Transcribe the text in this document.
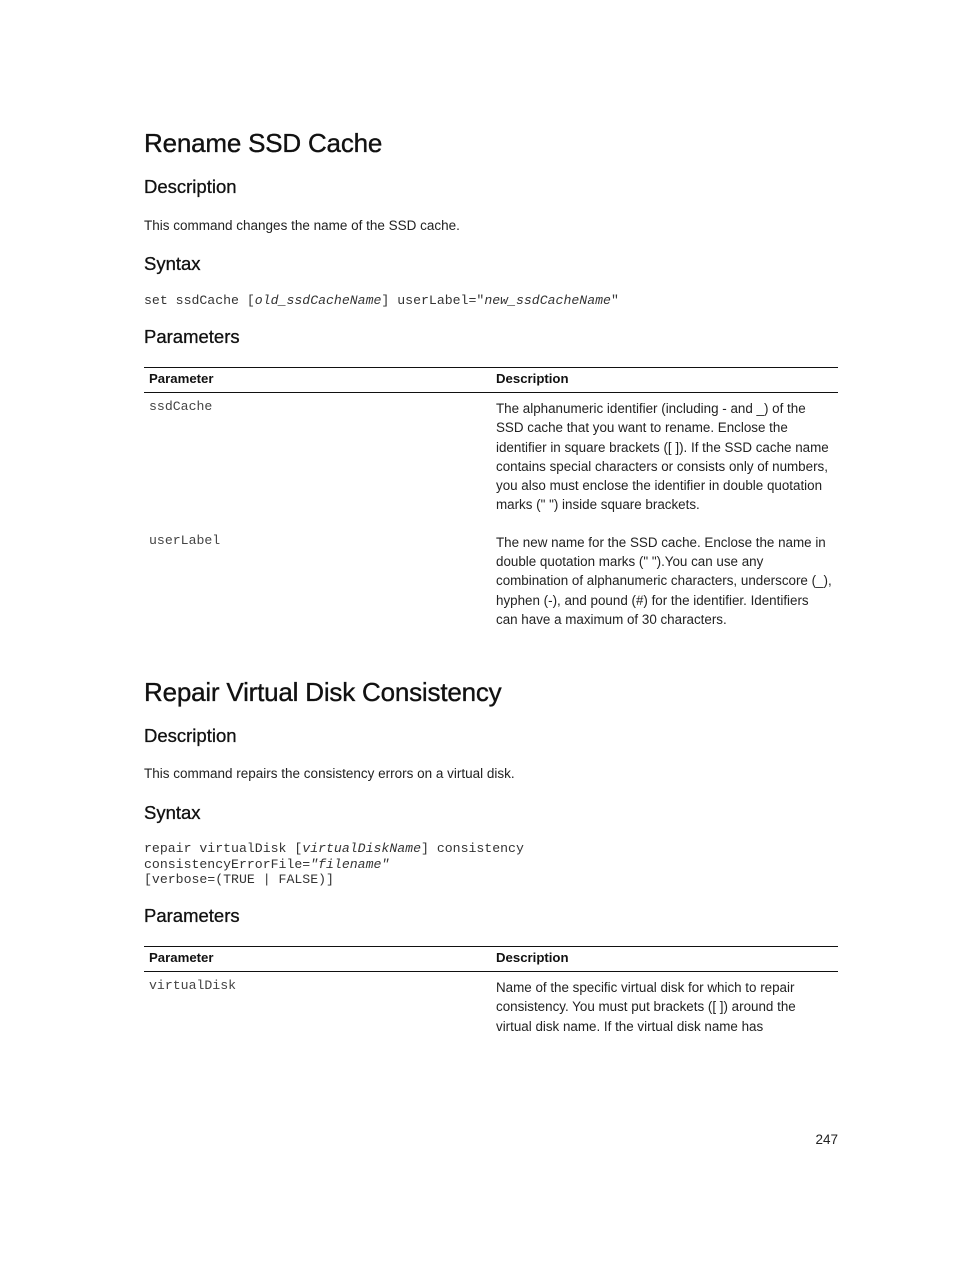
Rename SSD Cache
Description

This command changes the name of the SSD cache.

Syntax
set ssdCache [old_ssdCacheName] userLabel="new_ssdCacheName"
Parameters
Parameter	Description
ssdCache	The alphanumeric identifier (including - and _) of the SSD cache that you want to rename. Enclose the identifier in square brackets ([ ]). If the SSD cache name contains special characters or consists only of numbers, you also must enclose the identifier in double quotation marks (" ") inside square brackets.
userLabel	The new name for the SSD cache. Enclose the name in double quotation marks (" ").You can use any combination of alphanumeric characters, underscore (_), hyphen (-), and pound (#) for the identifier. Identifiers can have a maximum of 30 characters.
Repair Virtual Disk Consistency
Description

This command repairs the consistency errors on a virtual disk.

Syntax
repair virtualDisk [virtualDiskName] consistency
consistencyErrorFile="filename"
[verbose=(TRUE | FALSE)]
Parameters
Parameter	Description
virtualDisk	Name of the specific virtual disk for which to repair consistency. You must put brackets ([ ]) around the virtual disk name. If the virtual disk name has
247
